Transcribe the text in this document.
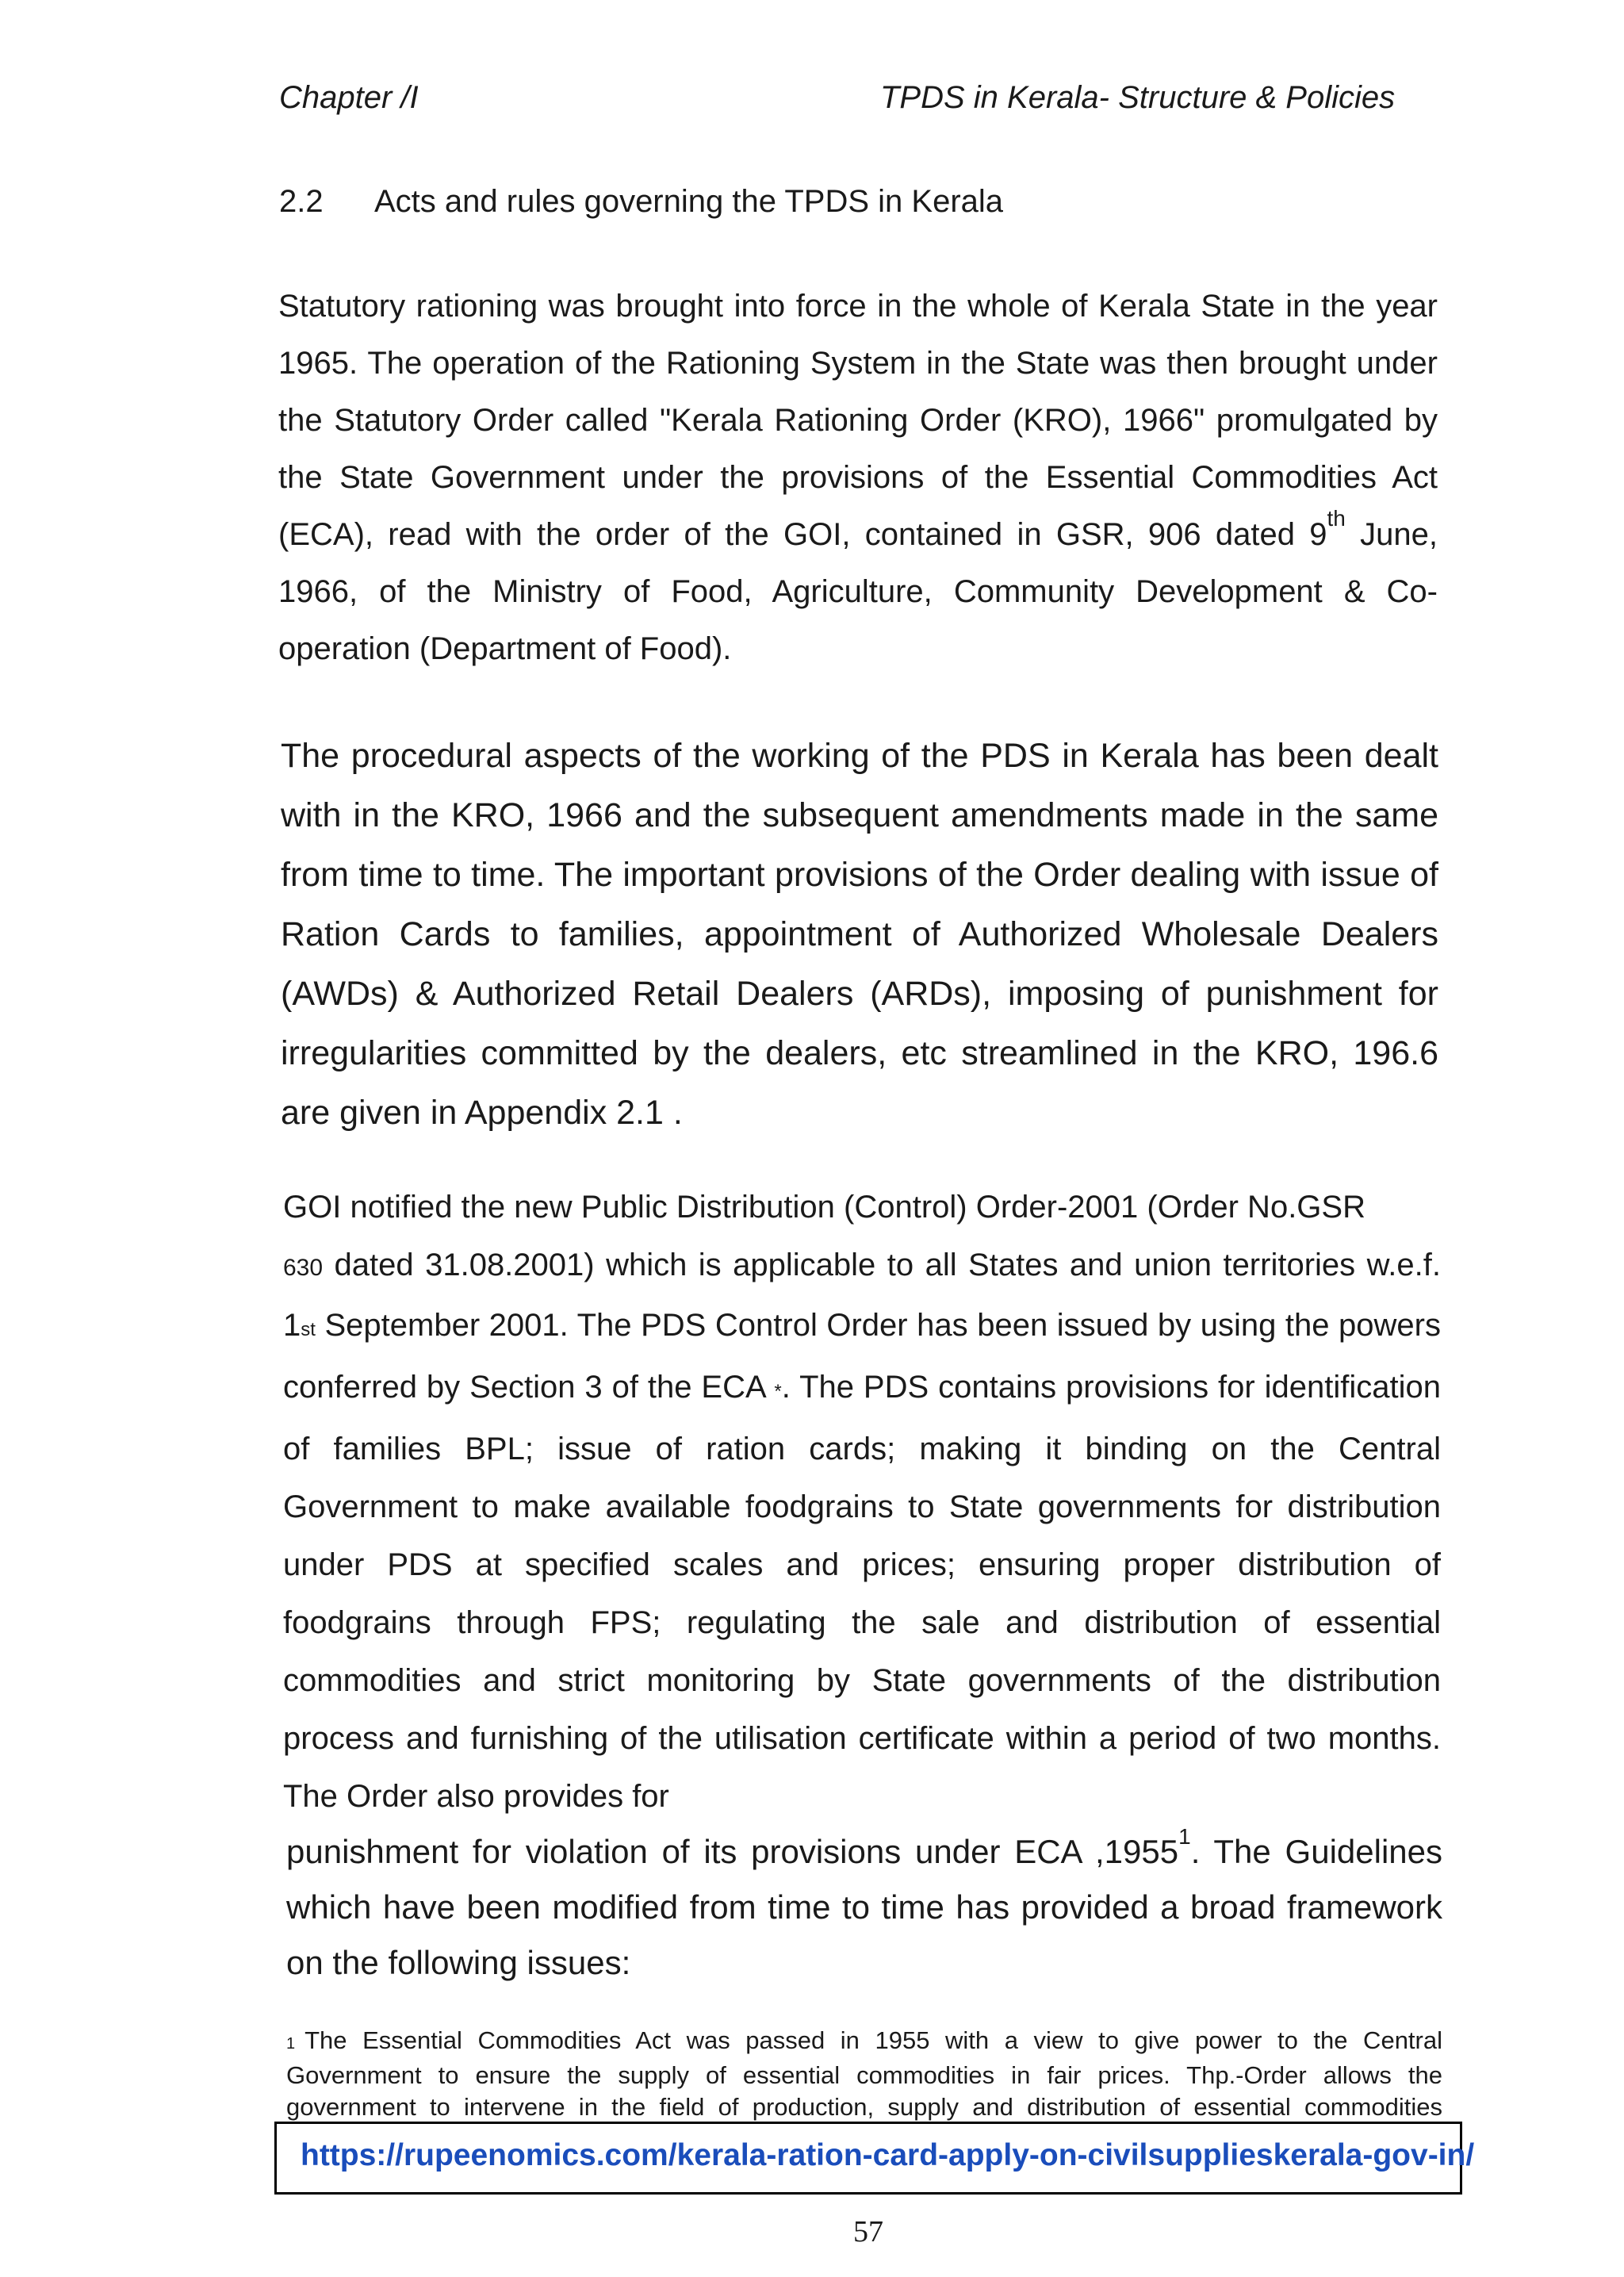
Chapter /I	TPDS in Kerala- Structure & Policies
2.2 Acts and rules governing the TPDS in Kerala

Statutory rationing was brought into force in the whole of Kerala State in the year 1965. The operation of the Rationing System in the State was then brought under the Statutory Order called "Kerala Rationing Order (KRO), 1966" promulgated by the State Government under the provisions of the Essential Commodities Act (ECA), read with the order of the GOI, contained in GSR, 906 dated 9th June, 1966, of the Ministry of Food, Agriculture, Community Development & Co-operation (Department of Food).

The procedural aspects of the working of the PDS in Kerala has been dealt with in the KRO, 1966 and the subsequent amendments made in the same from time to time. The important provisions of the Order dealing with issue of Ration Cards to families, appointment of Authorized Wholesale Dealers (AWDs) & Authorized Retail Dealers (ARDs), imposing of punishment for irregularities committed by the dealers, etc streamlined in the KRO, 196.6 are given in Appendix 2.1 .

GOI notified the new Public Distribution (Control) Order-2001 (Order No.GSR
630 dated 31.08.2001) which is applicable to all States and union territories w.e.f. 1st September 2001. The PDS Control Order has been issued by using the powers conferred by Section 3 of the ECA *. The PDS contains provisions for identification of families BPL; issue of ration cards; making it binding on the Central Government to make available foodgrains to State governments for distribution under PDS at specified scales and prices; ensuring proper distribution of foodgrains through FPS; regulating the sale and distribution of essential commodities and strict monitoring by State governments of the distribution process and furnishing of the utilisation certificate within a period of two months. The Order also provides for

punishment for violation of its provisions under ECA ,1955$^1$. The Guidelines which have been modified from time to time has provided a broad framework on the following issues:

1 The Essential Commodities Act was passed in 1955 with a view to give power to the Central Government to ensure the supply of essential commodities in fair prices. Thp.-Order allows the government to intervene in the field of production, supply and distribution of essential commodities

https://rupeenomics.com/kerala-ration-card-apply-on-civilsupplieskerala-gov-in/
57
